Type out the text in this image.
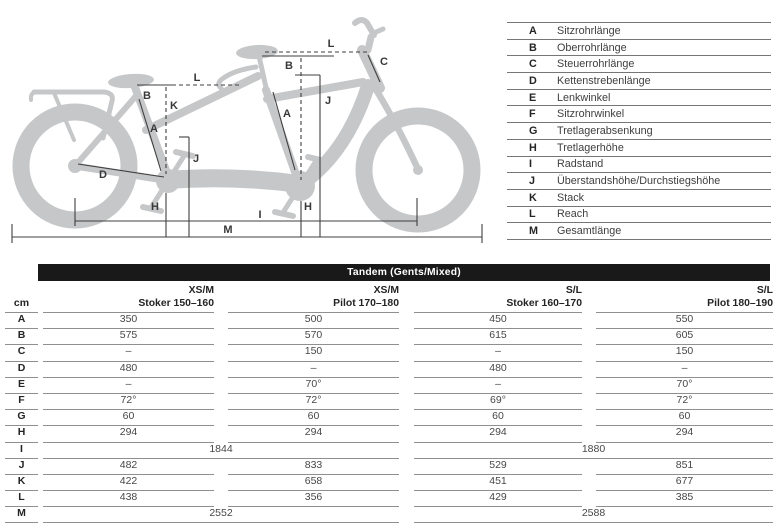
B
L
K
A
J
D
H
L
B	C
A
J
H
I
M
A	Sitzrohrlänge
B	Oberrohrlänge
C	Steuerrohrlänge
D	Kettenstrebenlänge
E	Lenkwinkel
F	Sitzrohrwinkel
G	Tretlagerabsenkung
H	Tretlagerhöhe
I	Radstand
J	Überstandshöhe/Durchstiegshöhe
K	Stack
L	Reach
M	Gesamtlänge
Tandem (Gents/Mixed)
cm
XS/M
Stoker 150–160
XS/M
Pilot 170–180
S/L
Stoker 160–170
S/L
Pilot 180–190
A	350	500	450	550
B	575	570	615	605
C	–	150	–	150
D	480	–	480	–
E	–	70°	–	70°
F	72°	72°	69°	72°
G	60	60	60	60
H	294	294	294	294
I	1844	1880
J	482	833	529	851
K	422	658	451	677
L	438	356	429	385
M	2552	2588
